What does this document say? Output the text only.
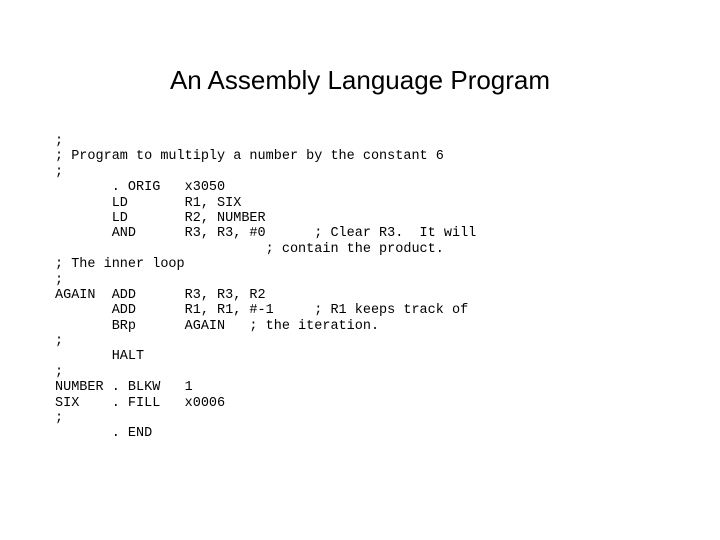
An Assembly Language Program
;
; Program to multiply a number by the constant 6
;
. ORIG   x3050
LD       R1, SIX
LD       R2, NUMBER
AND      R3, R3, #0      ; Clear R3.  It will
; contain the product.
; The inner loop
;
AGAIN  ADD      R3, R3, R2
ADD      R1, R1, #-1     ; R1 keeps track of
BRp      AGAIN   ; the iteration.
;
HALT
;
NUMBER . BLKW   1
SIX    . FILL   x0006
;
. END
